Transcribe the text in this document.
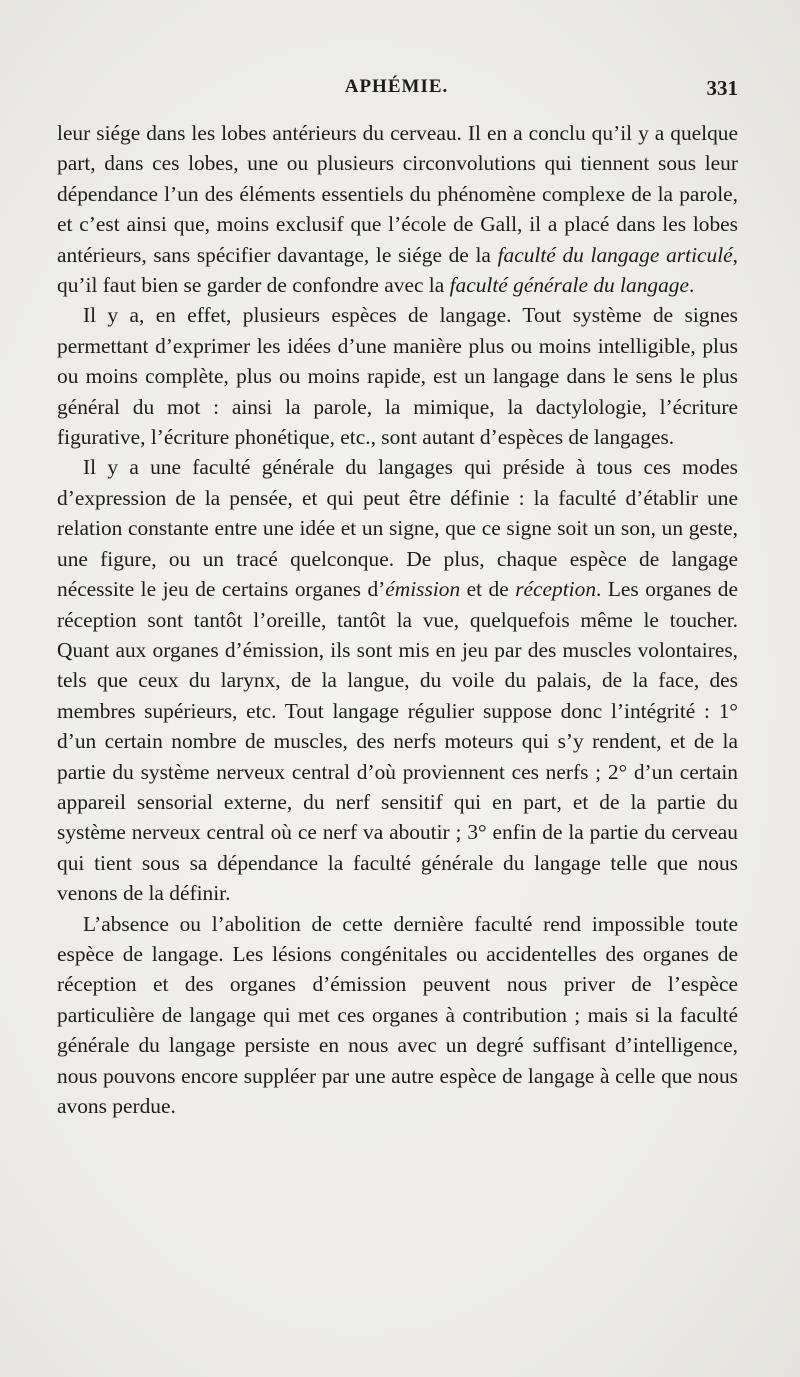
APHÉMIE.	331

leur siége dans les lobes antérieurs du cerveau. Il en a conclu qu’il y a quelque part, dans ces lobes, une ou plusieurs circonvolutions qui tiennent sous leur dépendance l’un des éléments essentiels du phénomène complexe de la parole, et c’est ainsi que, moins exclusif que l’école de Gall, il a placé dans les lobes antérieurs, sans spécifier davantage, le siége de la faculté du langage articulé, qu’il faut bien se garder de confondre avec la faculté générale du langage.

Il y a, en effet, plusieurs espèces de langage. Tout système de signes permettant d’exprimer les idées d’une manière plus ou moins intelligible, plus ou moins complète, plus ou moins rapide, est un langage dans le sens le plus général du mot : ainsi la parole, la mimique, la dactylologie, l’écriture figurative, l’écriture phonétique, etc., sont autant d’espèces de langages.

Il y a une faculté générale du langages qui préside à tous ces modes d’expression de la pensée, et qui peut être définie : la faculté d’établir une relation constante entre une idée et un signe, que ce signe soit un son, un geste, une figure, ou un tracé quelconque. De plus, chaque espèce de langage nécessite le jeu de certains organes d’émission et de réception. Les organes de réception sont tantôt l’oreille, tantôt la vue, quelquefois même le toucher. Quant aux organes d’émission, ils sont mis en jeu par des muscles volontaires, tels que ceux du larynx, de la langue, du voile du palais, de la face, des membres supérieurs, etc. Tout langage régulier suppose donc l’intégrité : 1° d’un certain nombre de muscles, des nerfs moteurs qui s’y rendent, et de la partie du système nerveux central d’où proviennent ces nerfs ; 2° d’un certain appareil sensorial externe, du nerf sensitif qui en part, et de la partie du système nerveux central où ce nerf va aboutir ; 3° enfin de la partie du cerveau qui tient sous sa dépendance la faculté générale du langage telle que nous venons de la définir.

L’absence ou l’abolition de cette dernière faculté rend impossible toute espèce de langage. Les lésions congénitales ou accidentelles des organes de réception et des organes d’émission peuvent nous priver de l’espèce particulière de langage qui met ces organes à contribution ; mais si la faculté générale du langage persiste en nous avec un degré suffisant d’intelligence, nous pouvons encore suppléer par une autre espèce de langage à celle que nous avons perdue.
